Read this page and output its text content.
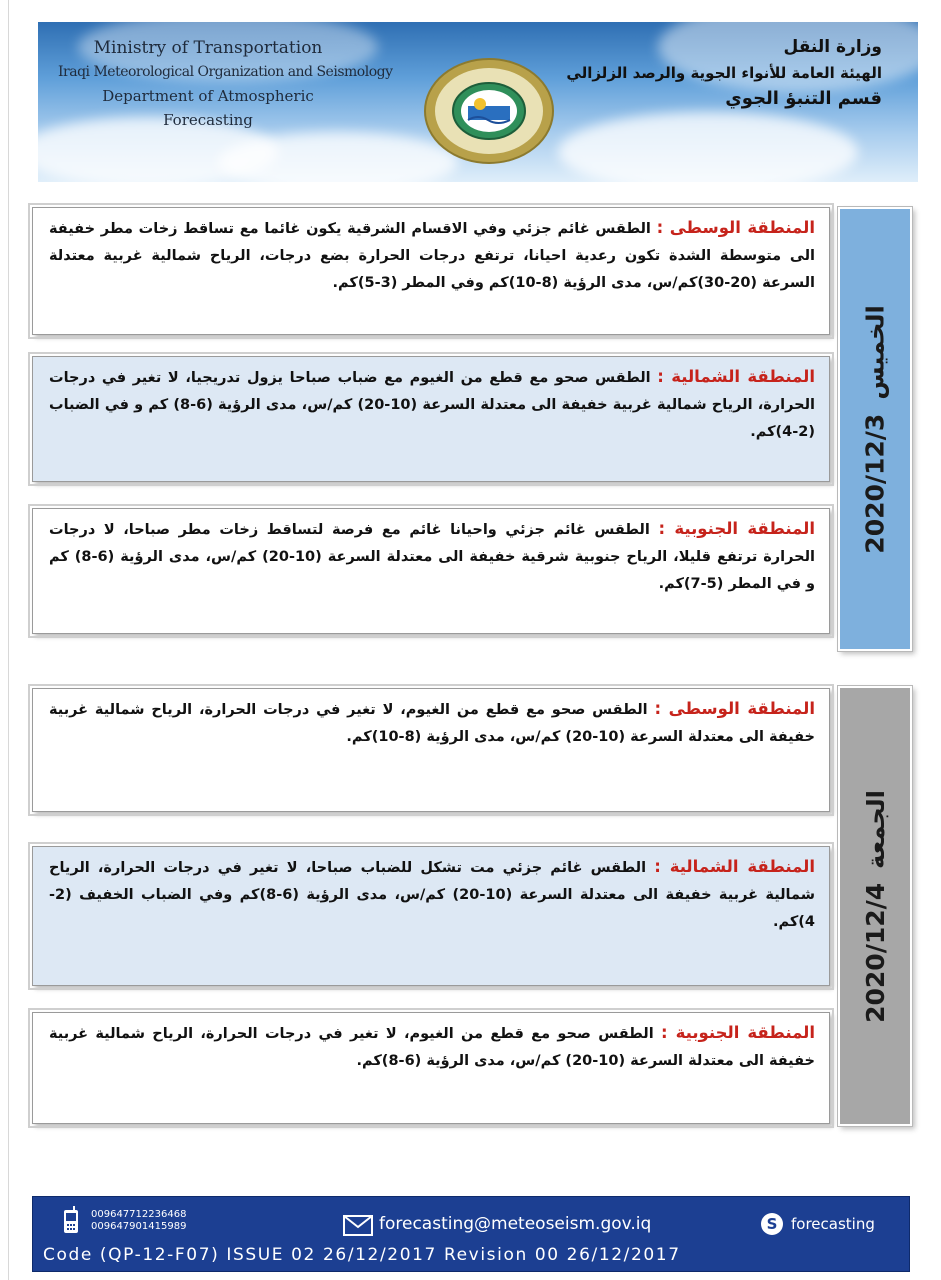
Ministry of Transportation
Iraqi Meteorological Organization and Seismology
Department of Atmospheric Forecasting
وزارة النقل
الهيئة العامة للأنواء الجوية والرصد الزلزالي
قسم التنبؤ الجوي
2020/12/3الخميس
المنطقة الوسطى : الطقس غائم جزئي وفي الاقسام الشرقية يكون غائما مع تساقط زخات مطر خفيفة الى متوسطة الشدة تكون رعدية احيانا، ترتفع درجات الحرارة بضع درجات، الرياح شمالية غربية معتدلة السرعة (20-30)كم/س، مدى الرؤية (8-10)كم وفي المطر (3-5)كم.
المنطقة الشمالية : الطقس صحو مع قطع من الغيوم مع ضباب صباحا يزول تدريجيا، لا تغير في درجات الحرارة، الرياح شمالية غربية خفيفة الى معتدلة السرعة (10-20) كم/س، مدى الرؤية (6-8) كم و في الضباب (2-4)كم.
المنطقة الجنوبية : الطقس غائم جزئي واحيانا غائم مع فرصة لتساقط زخات مطر صباحا، لا درجات الحرارة ترتفع قليلا، الرياح جنوبية شرقية خفيفة الى معتدلة السرعة (10-20) كم/س، مدى الرؤية (6-8) كم و في المطر (5-7)كم.
2020/12/4الجمعة
المنطقة الوسطى : الطقس صحو مع قطع من الغيوم، لا تغير في درجات الحرارة، الرياح شمالية غربية خفيفة الى معتدلة السرعة (10-20) كم/س، مدى الرؤية (8-10)كم.
المنطقة الشمالية : الطقس غائم جزئي مت تشكل للضباب صباحا، لا تغير في درجات الحرارة، الرياح شمالية غربية خفيفة الى معتدلة السرعة (10-20) كم/س، مدى الرؤية (6-8)كم وفي الضباب الخفيف (2-4)كم.
المنطقة الجنوبية : الطقس صحو مع قطع من الغيوم، لا تغير في درجات الحرارة، الرياح شمالية غربية خفيفة الى معتدلة السرعة (10-20) كم/س، مدى الرؤية (6-8)كم.
009647712236468
009647901415989	forecasting@meteoseism.gov.iq	S forecasting
Code (QP-12-F07) ISSUE 02 26/12/2017 Revision 00 26/12/2017
